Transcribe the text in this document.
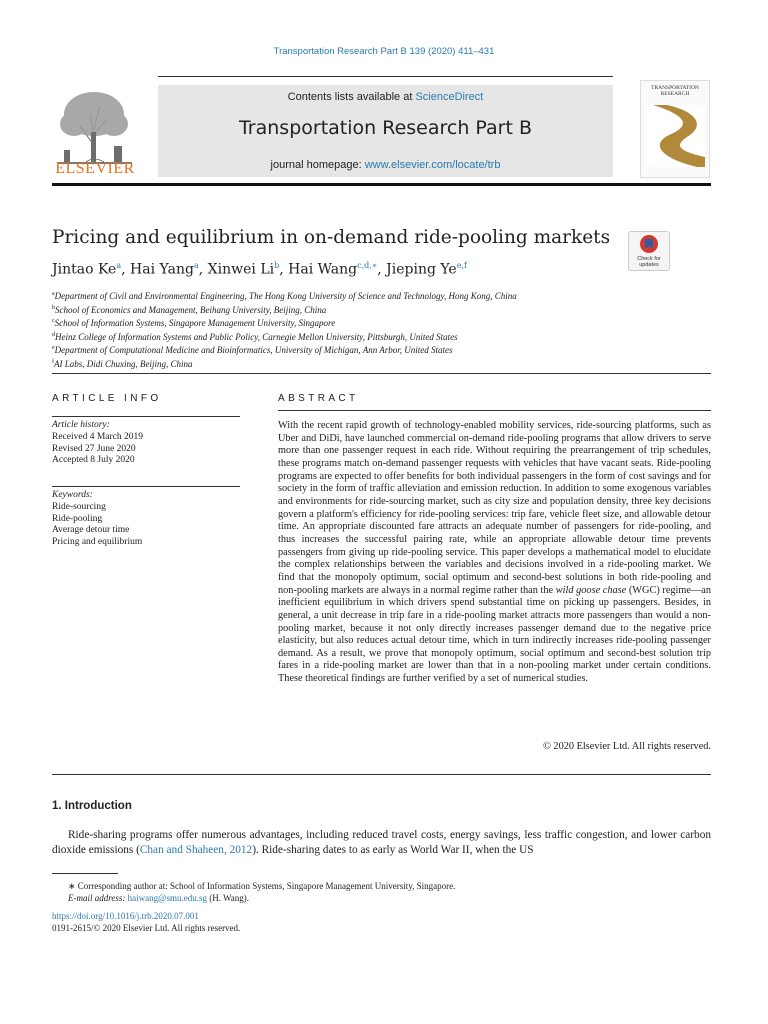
Transportation Research Part B 139 (2020) 411–431
ELSEVIER
Contents lists available at ScienceDirect
Transportation Research Part B
journal homepage: www.elsevier.com/locate/trb
TRANSPORTATION RESEARCH
Pricing and equilibrium in on-demand ride-pooling markets
Check for
updates
Jintao Ke$^a$, Hai Yang$^a$, Xinwei Li$^b$, Hai Wang$^{c,d,∗}$, Jieping Ye$^{e,f}$
$^a$Department of Civil and Environmental Engineering, The Hong Kong University of Science and Technology, Hong Kong, China
$^b$School of Economics and Management, Beihang University, Beijing, China
$^c$School of Information Systems, Singapore Management University, Singapore
$^d$Heinz College of Information Systems and Public Policy, Carnegie Mellon University, Pittsburgh, United States
$^e$Department of Computational Medicine and Bioinformatics, University of Michigan, Ann Arbor, United States
$^f$AI Labs, Didi Chuxing, Beijing, China
ARTICLE INFO
Article history:
Received 4 March 2019
Revised 27 June 2020
Accepted 8 July 2020
Keywords:
Ride-sourcing
Ride-pooling
Average detour time
Pricing and equilibrium
ABSTRACT
With the recent rapid growth of technology-enabled mobility services, ride-sourcing platforms, such as Uber and DiDi, have launched commercial on-demand ride-pooling programs that allow drivers to serve more than one passenger request in each ride. Without requiring the prearrangement of trip schedules, these programs match on-demand passenger requests with vehicles that have vacant seats. Ride-pooling programs are expected to offer benefits for both individual passengers in the form of cost savings and for society in the form of traffic alleviation and emission reduction. In addition to some exogenous variables and environments for ride-sourcing market, such as city size and population density, three key decisions govern a platform's efficiency for ride-pooling services: trip fare, vehicle fleet size, and allowable detour time. An appropriate discounted fare attracts an adequate number of passengers for ride-pooling, and thus increases the successful pairing rate, while an appropriate allowable detour time prevents passengers from giving up ride-pooling service. This paper develops a mathematical model to elucidate the complex relationships between the variables and decisions involved in a ride-pooling market. We find that the monopoly optimum, social optimum and second-best solutions in both ride-pooling and non-pooling markets are always in a normal regime rather than the wild goose chase (WGC) regime—an inefficient equilibrium in which drivers spend substantial time on picking up passengers. Besides, in general, a unit decrease in trip fare in a ride-pooling market attracts more passengers than would a non-pooling market, because it not only directly increases passenger demand due to the negative price elasticity, but also reduces actual detour time, which in turn indirectly increases ride-pooling passenger demand. As a result, we prove that monopoly optimum, social optimum and second-best solution trip fares in a ride-pooling market are lower than that in a non-pooling market under certain conditions. These theoretical findings are further verified by a set of numerical studies.
© 2020 Elsevier Ltd. All rights reserved.
1. Introduction
Ride-sharing programs offer numerous advantages, including reduced travel costs, energy savings, less traffic congestion, and lower carbon dioxide emissions (Chan and Shaheen, 2012). Ride-sharing dates to as early as World War II, when the US
∗ Corresponding author at: School of Information Systems, Singapore Management University, Singapore.
E-mail address: haiwang@smu.edu.sg (H. Wang).
https://doi.org/10.1016/j.trb.2020.07.001
0191-2615/© 2020 Elsevier Ltd. All rights reserved.
